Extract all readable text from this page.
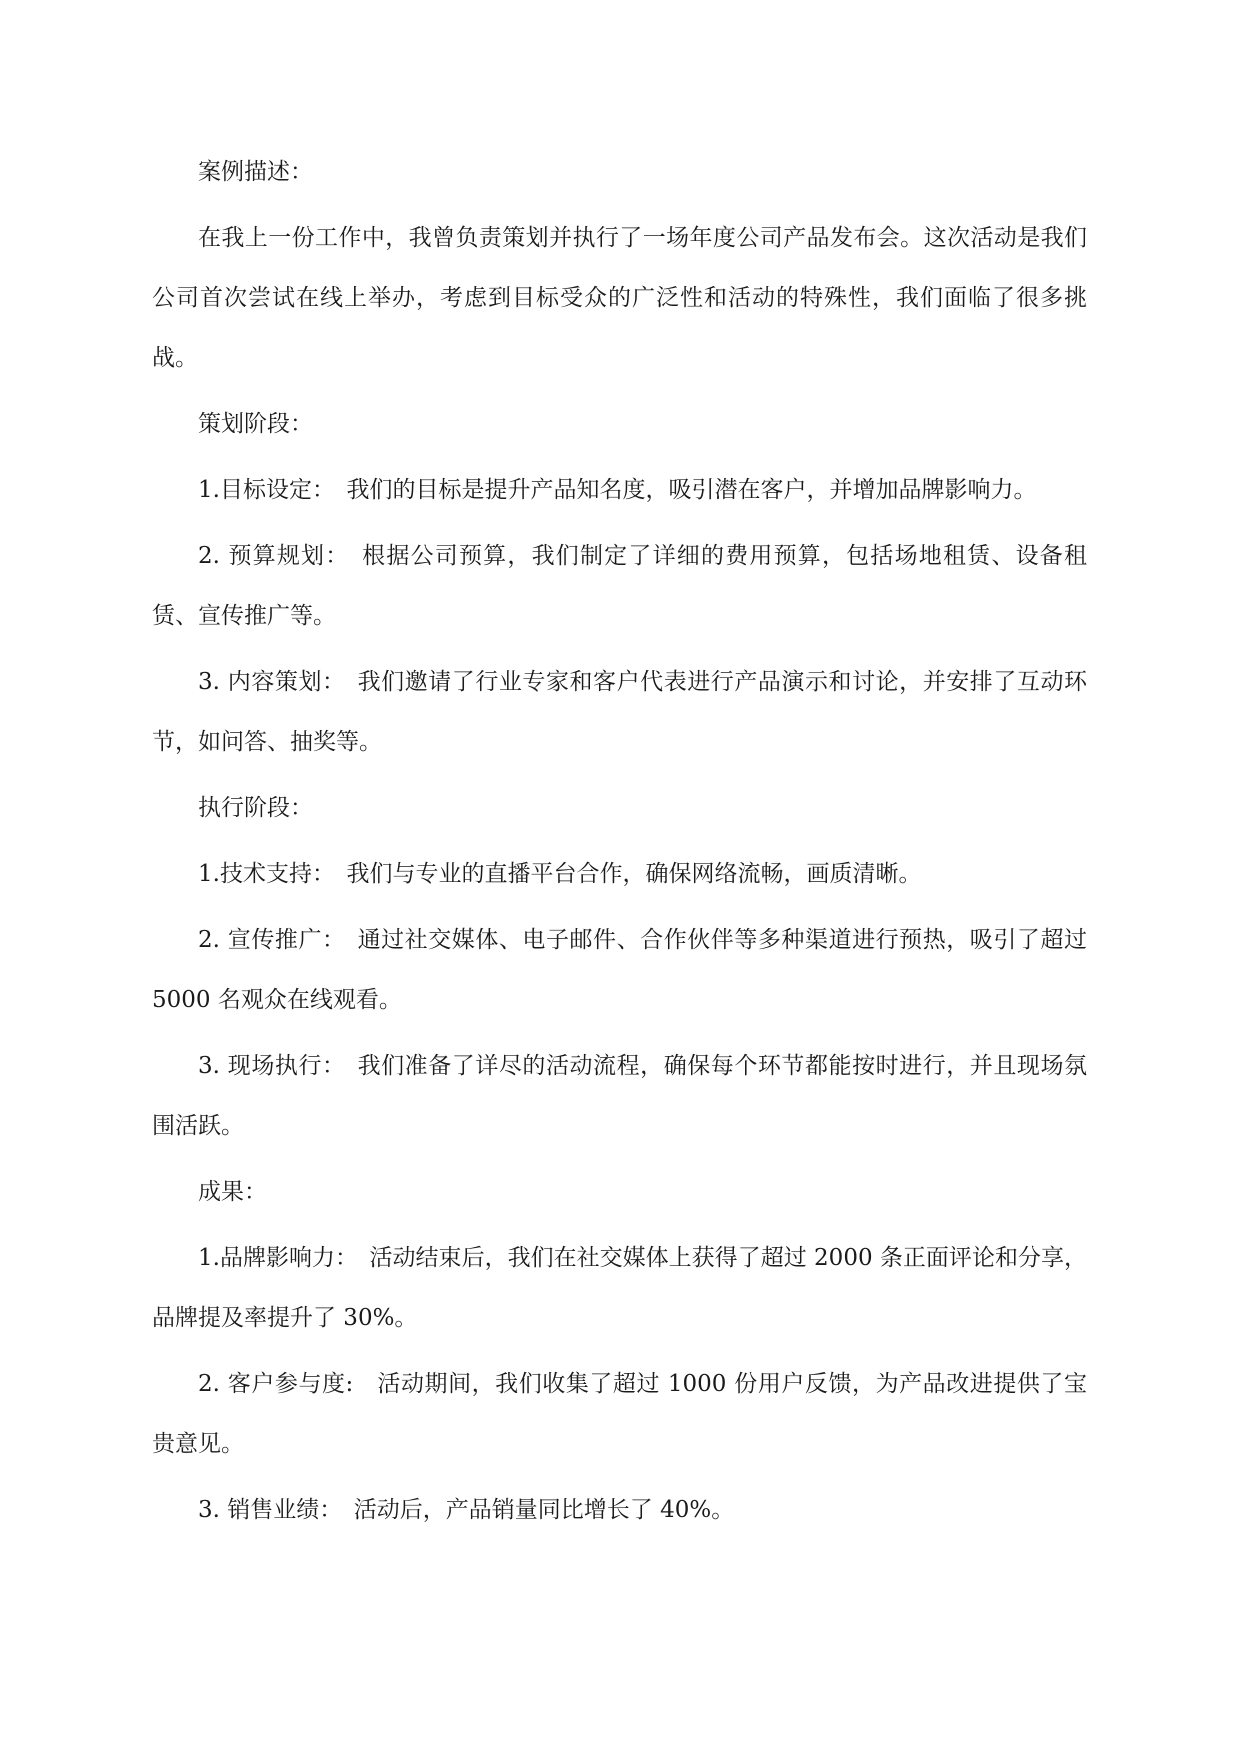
案例描述：

在我上一份工作中，我曾负责策划并执行了一场年度公司产品发布会。这次活动是我们公司首次尝试在线上举办，考虑到目标受众的广泛性和活动的特殊性，我们面临了很多挑战。

策划阶段：

1.目标设定：　我们的目标是提升产品知名度，吸引潜在客户，并增加品牌影响力。

2. 预算规划：　根据公司预算，我们制定了详细的费用预算，包括场地租赁、设备租赁、宣传推广等。

3. 内容策划：　我们邀请了行业专家和客户代表进行产品演示和讨论，并安排了互动环节，如问答、抽奖等。

执行阶段：

1.技术支持：　我们与专业的直播平台合作，确保网络流畅，画质清晰。

2. 宣传推广：　通过社交媒体、电子邮件、合作伙伴等多种渠道进行预热，吸引了超过 5000 名观众在线观看。

3. 现场执行：　我们准备了详尽的活动流程，确保每个环节都能按时进行，并且现场氛围活跃。

成果：

1.品牌影响力：　活动结束后，我们在社交媒体上获得了超过 2000 条正面评论和分享，品牌提及率提升了 30%。

2. 客户参与度:　活动期间，我们收集了超过 1000 份用户反馈，为产品改进提供了宝贵意见。

3. 销售业绩：　活动后，产品销量同比增长了 40%。
